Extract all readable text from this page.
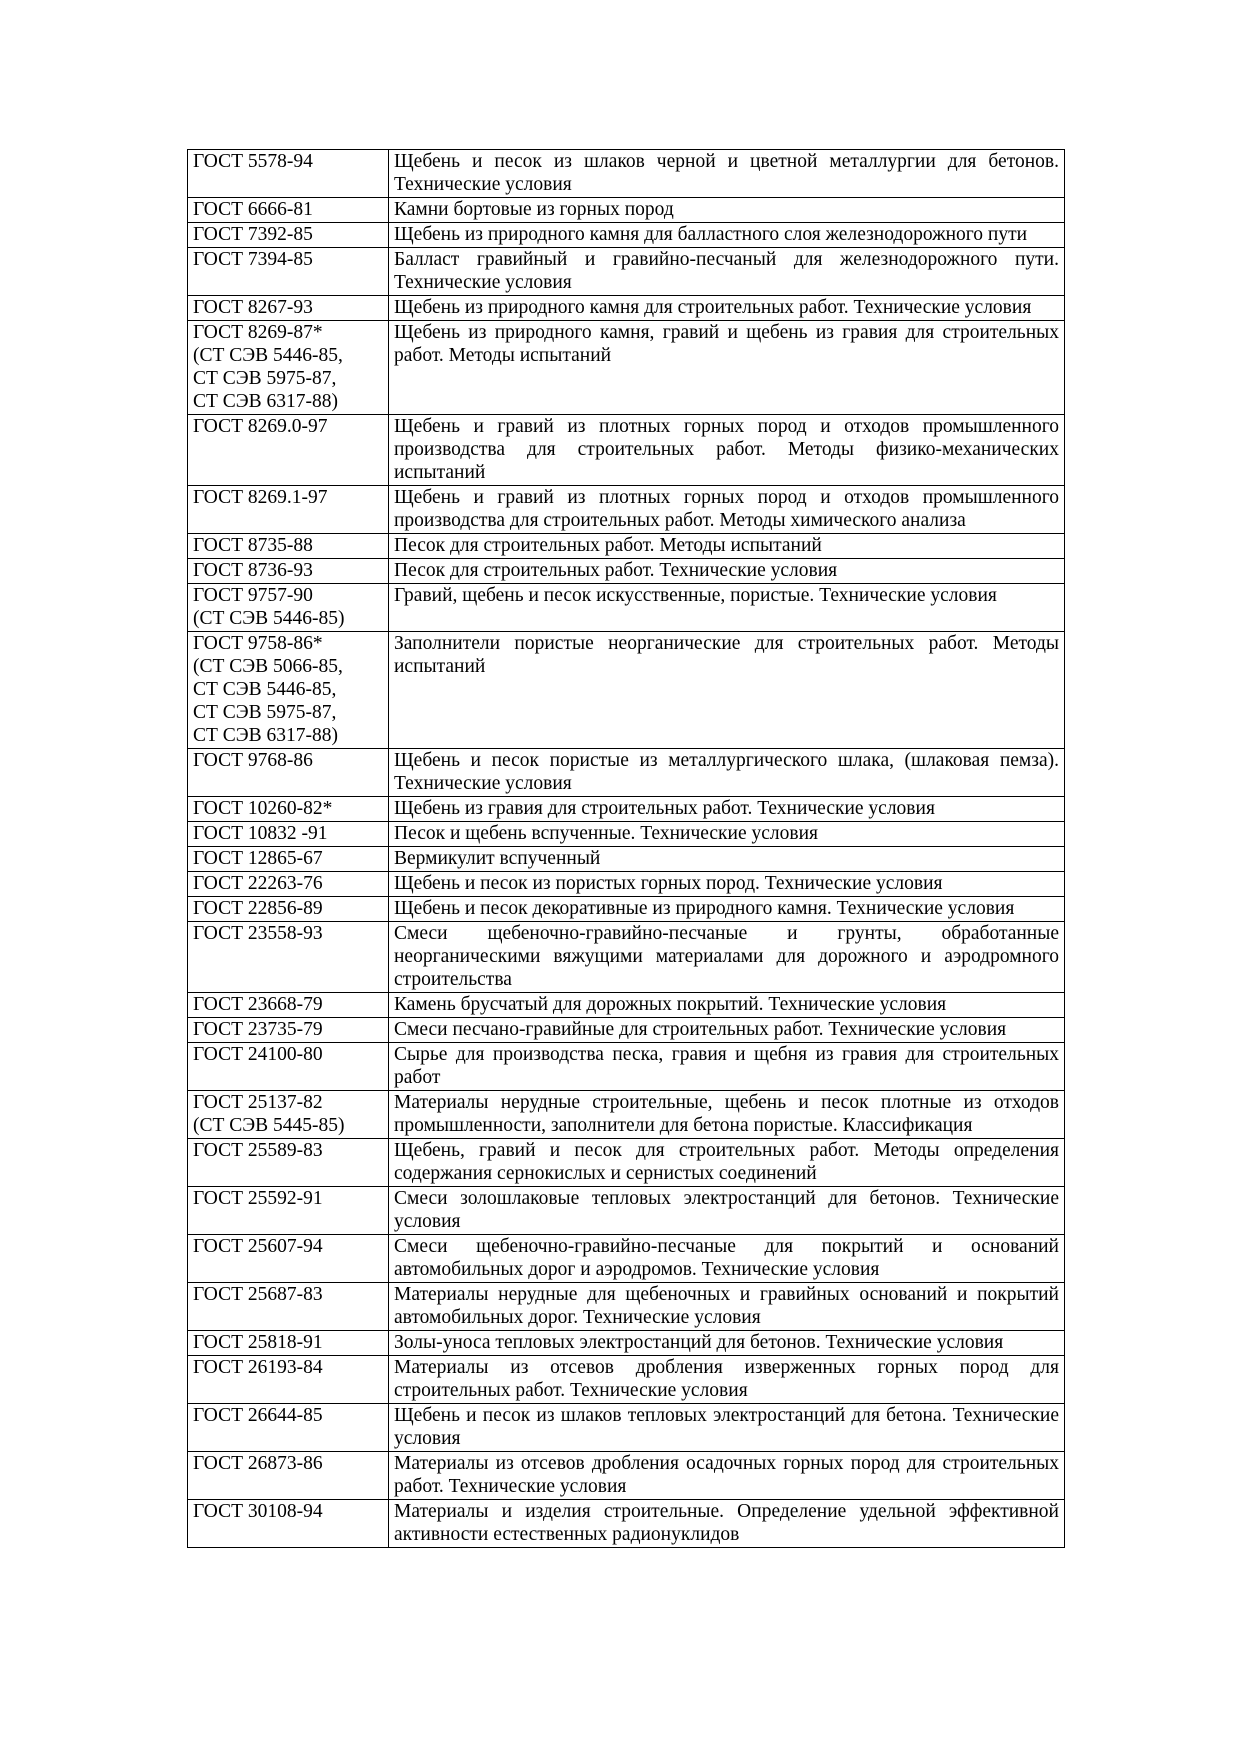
ГОСТ 5578-94	Щебень и песок из шлаков черной и цветной металлургии для бетонов. Технические условия

ГОСТ 6666-81	Камни бортовые из горных пород

ГОСТ 7392-85	Щебень из природного камня для балластного слоя железнодорожного пути

ГОСТ 7394-85	Балласт гравийный и гравийно-песчаный для железнодорожного пути. Технические условия

ГОСТ 8267-93	Щебень из природного камня для строительных работ. Технические условия

ГОСТ 8269-87*
(СТ СЭВ 5446-85,
СТ СЭВ 5975-87,
СТ СЭВ 6317-88)	Щебень из природного камня, гравий и щебень из гравия для строительных работ. Методы испытаний

ГОСТ 8269.0-97	Щебень и гравий из плотных горных пород и отходов промышленного производства для строительных работ. Методы физико-механических испытаний

ГОСТ 8269.1-97	Щебень и гравий из плотных горных пород и отходов промышленного производства для строительных работ. Методы химического анализа

ГОСТ 8735-88	Песок для строительных работ. Методы испытаний

ГОСТ 8736-93	Песок для строительных работ. Технические условия

ГОСТ 9757-90
(СТ СЭВ 5446-85)	Гравий, щебень и песок искусственные, пористые. Технические условия

ГОСТ 9758-86*
(СТ СЭВ 5066-85,
СТ СЭВ 5446-85,
СТ СЭВ 5975-87,
СТ СЭВ 6317-88)	Заполнители пористые неорганические для строительных работ. Методы испытаний

ГОСТ 9768-86	Щебень и песок пористые из металлургического шлака, (шлаковая пемза). Технические условия

ГОСТ 10260-82*	Щебень из гравия для строительных работ. Технические условия

ГОСТ 10832 -91	Песок и щебень вспученные. Технические условия

ГОСТ 12865-67	Вермикулит вспученный

ГОСТ 22263-76	Щебень и песок из пористых горных пород. Технические условия

ГОСТ 22856-89	Щебень и песок декоративные из природного камня. Технические условия

ГОСТ 23558-93	Смеси щебеночно-гравийно-песчаные и грунты, обработанные неорганическими вяжущими материалами для дорожного и аэродромного строительства

ГОСТ 23668-79	Камень брусчатый для дорожных покрытий. Технические условия

ГОСТ 23735-79	Смеси песчано-гравийные для строительных работ. Технические условия

ГОСТ 24100-80	Сырье для производства песка, гравия и щебня из гравия для строительных работ

ГОСТ 25137-82
(СТ СЭВ 5445-85)	Материалы нерудные строительные, щебень и песок плотные из отходов промышленности, заполнители для бетона пористые. Классификация

ГОСТ 25589-83	Щебень, гравий и песок для строительных работ. Методы определения содержания сернокислых и сернистых соединений

ГОСТ 25592-91	Смеси золошлаковые тепловых электростанций для бетонов. Технические условия

ГОСТ 25607-94	Смеси щебеночно-гравийно-песчаные для покрытий и оснований автомобильных дорог и аэродромов. Технические условия

ГОСТ 25687-83	Материалы нерудные для щебеночных и гравийных оснований и покрытий автомобильных дорог. Технические условия

ГОСТ 25818-91	Золы-уноса тепловых электростанций для бетонов. Технические условия

ГОСТ 26193-84	Материалы из отсевов дробления изверженных горных пород для строительных работ. Технические условия

ГОСТ 26644-85	Щебень и песок из шлаков тепловых электростанций для бетона. Технические условия

ГОСТ 26873-86	Материалы из отсевов дробления осадочных горных пород для строительных работ. Технические условия

ГОСТ 30108-94	Материалы и изделия строительные. Определение удельной эффективной активности естественных радионуклидов
